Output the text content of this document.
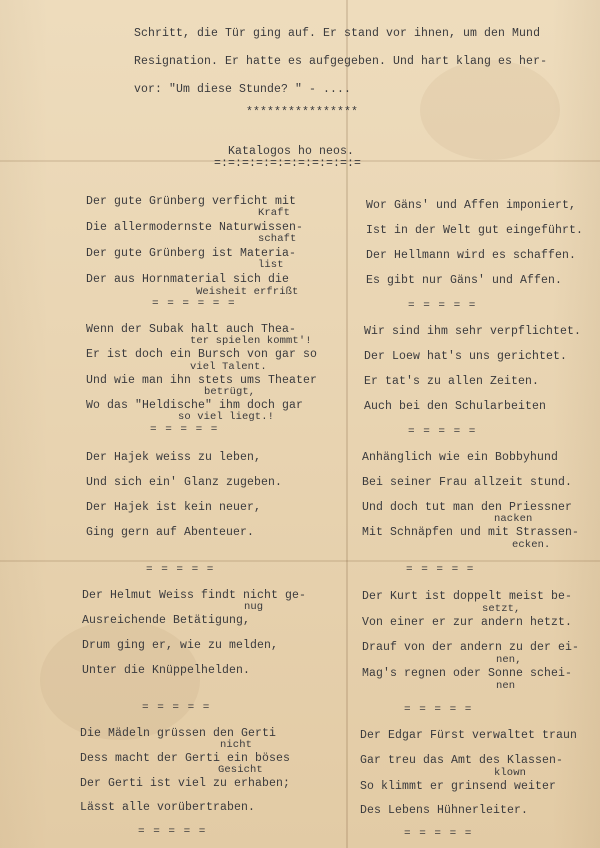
Schritt, die Tür ging auf. Er stand vor ihnen, um den Mund
Resignation. Er hatte es aufgegeben. Und hart klang es her-
vor: "Um diese Stunde? " - ....
****************
Katalogos ho neos.
=:=:=:=:=:=:=:=:=:=:=
Der gute Grünberg verficht mit
Kraft
Die allermodernste Naturwissen-
schaft
Der gute Grünberg ist Materia-
list
Der aus Hornmaterial sich die
Weisheit erfrißt
= = = = = =
Wenn der Subak halt auch Thea-
ter spielen kommt'!
Er ist doch ein Bursch von gar so
viel Talent.
Und wie man ihn stets ums Theater
betrügt,
Wo das "Heldische" ihm doch gar
so viel liegt.!
= = = = =
Der Hajek weiss zu leben,
Und sich ein' Glanz zugeben.
Der Hajek ist kein neuer,
Ging gern auf Abenteuer.
= = = = =
Der Helmut Weiss findt nicht ge-
nug
Ausreichende Betätigung,
Drum ging er, wie zu melden,
Unter die Knüppelhelden.
= = = = =
Die Mädeln grüssen den Gerti
nicht
Dess macht der Gerti ein böses
Gesicht
Der Gerti ist viel zu erhaben;
Lässt alle vorübertraben.
= = = = =
Wor Gäns' und Affen imponiert,
Ist in der Welt gut eingeführt.
Der Hellmann wird es schaffen.
Es gibt nur Gäns' und Affen.
= = = = =
Wir sind ihm sehr verpflichtet.
Der Loew hat's uns gerichtet.
Er tat's zu allen Zeiten.
Auch bei den Schularbeiten
= = = = =
Anhänglich wie ein Bobbyhund
Bei seiner Frau allzeit stund.
Und doch tut man den Priessner
nacken
Mit Schnäpfen und mit Strassen-
ecken.
= = = = =
Der Kurt ist doppelt meist be-
setzt,
Von einer er zur andern hetzt.
Drauf von der andern zu der ei-
nen,
Mag's regnen oder Sonne schei-
nen
= = = = =
Der Edgar Fürst verwaltet traun
Gar treu das Amt des Klassen-
klown
So klimmt er grinsend weiter
Des Lebens Hühnerleiter.
= = = = =
